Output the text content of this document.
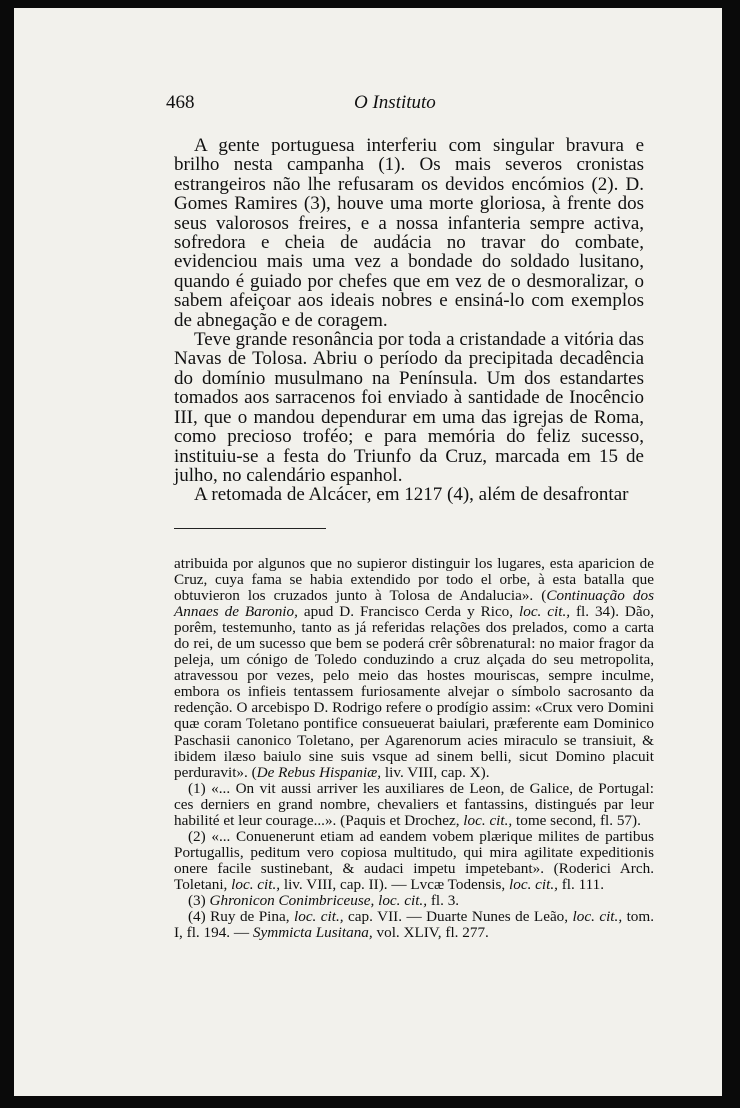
468	O Instituto

A gente portuguesa interferiu com singular bravura e brilho nesta campanha (1). Os mais severos cronistas estrangeiros não lhe refusaram os devidos encómios (2). D. Gomes Ramires (3), houve uma morte gloriosa, à frente dos seus valorosos freires, e a nossa infanteria sempre activa, sofredora e cheia de audácia no travar do combate, evidenciou mais uma vez a bondade do soldado lusitano, quando é guiado por chefes que em vez de o desmoralizar, o sabem afeiçoar aos ideais nobres e ensiná-lo com exemplos de abnegação e de coragem.

Teve grande resonância por toda a cristandade a vitória das Navas de Tolosa. Abriu o período da precipitada decadência do domínio musulmano na Península. Um dos estandartes tomados aos sarracenos foi enviado à santidade de Inocêncio III, que o mandou dependurar em uma das igrejas de Roma, como precioso troféo; e para memória do feliz sucesso, instituiu-se a festa do Triunfo da Cruz, marcada em 15 de julho, no calendário espanhol.

A retomada de Alcácer, em 1217 (4), além de desafrontar

atribuida por algunos que no supieror distinguir los lugares, esta aparicion de Cruz, cuya fama se habia extendido por todo el orbe, à esta batalla que obtuvieron los cruzados junto à Tolosa de Andalucia». (Continuação dos Annaes de Baronio, apud D. Francisco Cerda y Rico, loc. cit., fl. 34). Dão, porêm, testemunho, tanto as já referidas relações dos prelados, como a carta do rei, de um sucesso que bem se poderá crêr sôbrenatural: no maior fragor da peleja, um cónigo de Toledo conduzindo a cruz alçada do seu metropolita, atravessou por vezes, pelo meio das hostes mouriscas, sempre inculme, embora os infieis tentassem furiosamente alvejar o símbolo sacrosanto da redenção. O arcebispo D. Rodrigo refere o prodígio assim: «Crux vero Domini quæ coram Toletano pontifice consueuerat baiulari, præferente eam Dominico Paschasii canonico Toletano, per Agarenorum acies miraculo se transiuit, & ibidem ilæso baiulo sine suis vsque ad sinem belli, sicut Domino placuit perduravit». (De Rebus Hispaniæ, liv. VIII, cap. X).

(1) «... On vit aussi arriver les auxiliares de Leon, de Galice, de Portugal: ces derniers en grand nombre, chevaliers et fantassins, distingués par leur habilité et leur courage...». (Paquis et Drochez, loc. cit., tome second, fl. 57).

(2) «... Conuenerunt etiam ad eandem vobem plærique milites de partibus Portugallis, peditum vero copiosa multitudo, qui mira agilitate expeditionis onere facile sustinebant, & audaci impetu impetebant». (Roderici Arch. Toletani, loc. cit., liv. VIII, cap. II). — Lvcæ Todensis, loc. cit., fl. 111.

(3) Ghronicon Conimbriceuse, loc. cit., fl. 3.

(4) Ruy de Pina, loc. cit., cap. VII. — Duarte Nunes de Leão, loc. cit., tom. I, fl. 194. — Symmicta Lusitana, vol. XLIV, fl. 277.
